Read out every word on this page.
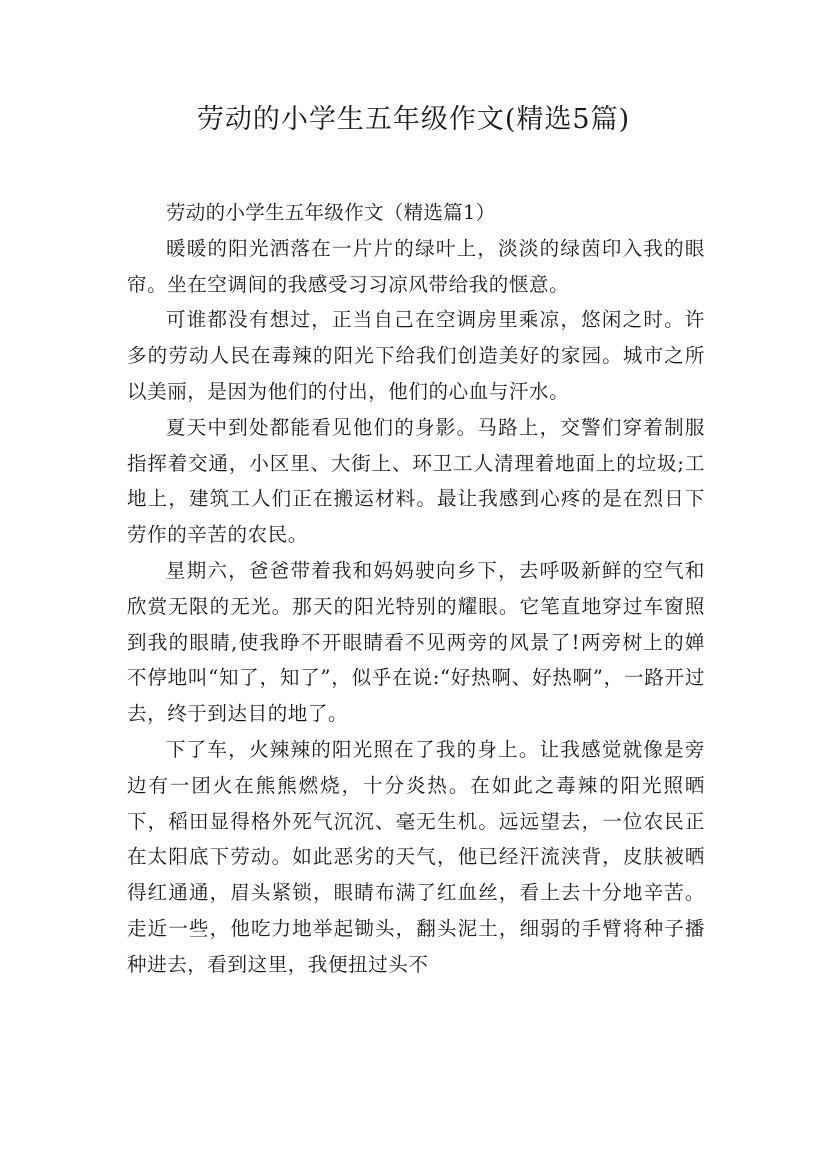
劳动的小学生五年级作文(精选5篇)
劳动的小学生五年级作文（精选篇1）

暖暖的阳光洒落在一片片的绿叶上，淡淡的绿茵印入我的眼帘。坐在空调间的我感受习习凉风带给我的惬意。

可谁都没有想过，正当自己在空调房里乘凉，悠闲之时。许多的劳动人民在毒辣的阳光下给我们创造美好的家园。城市之所以美丽，是因为他们的付出，他们的心血与汗水。

夏天中到处都能看见他们的身影。马路上，交警们穿着制服指挥着交通，小区里、大街上、环卫工人清理着地面上的垃圾;工地上，建筑工人们正在搬运材料。最让我感到心疼的是在烈日下劳作的辛苦的农民。

星期六，爸爸带着我和妈妈驶向乡下，去呼吸新鲜的空气和欣赏无限的无光。那天的阳光特别的耀眼。它笔直地穿过车窗照到我的眼睛,使我睁不开眼睛看不见两旁的风景了!两旁树上的婵不停地叫“知了，知了”，似乎在说:“好热啊、好热啊”，一路开过去，终于到达目的地了。

下了车，火辣辣的阳光照在了我的身上。让我感觉就像是旁边有一团火在熊熊燃烧，十分炎热。在如此之毒辣的阳光照晒下，稻田显得格外死气沉沉、毫无生机。远远望去，一位农民正在太阳底下劳动。如此恶劣的天气，他已经汗流浃背，皮肤被晒得红通通，眉头紧锁，眼睛布满了红血丝，看上去十分地辛苦。走近一些，他吃力地举起锄头，翻头泥土，细弱的手臂将种子播种进去，看到这里，我便扭过头不
